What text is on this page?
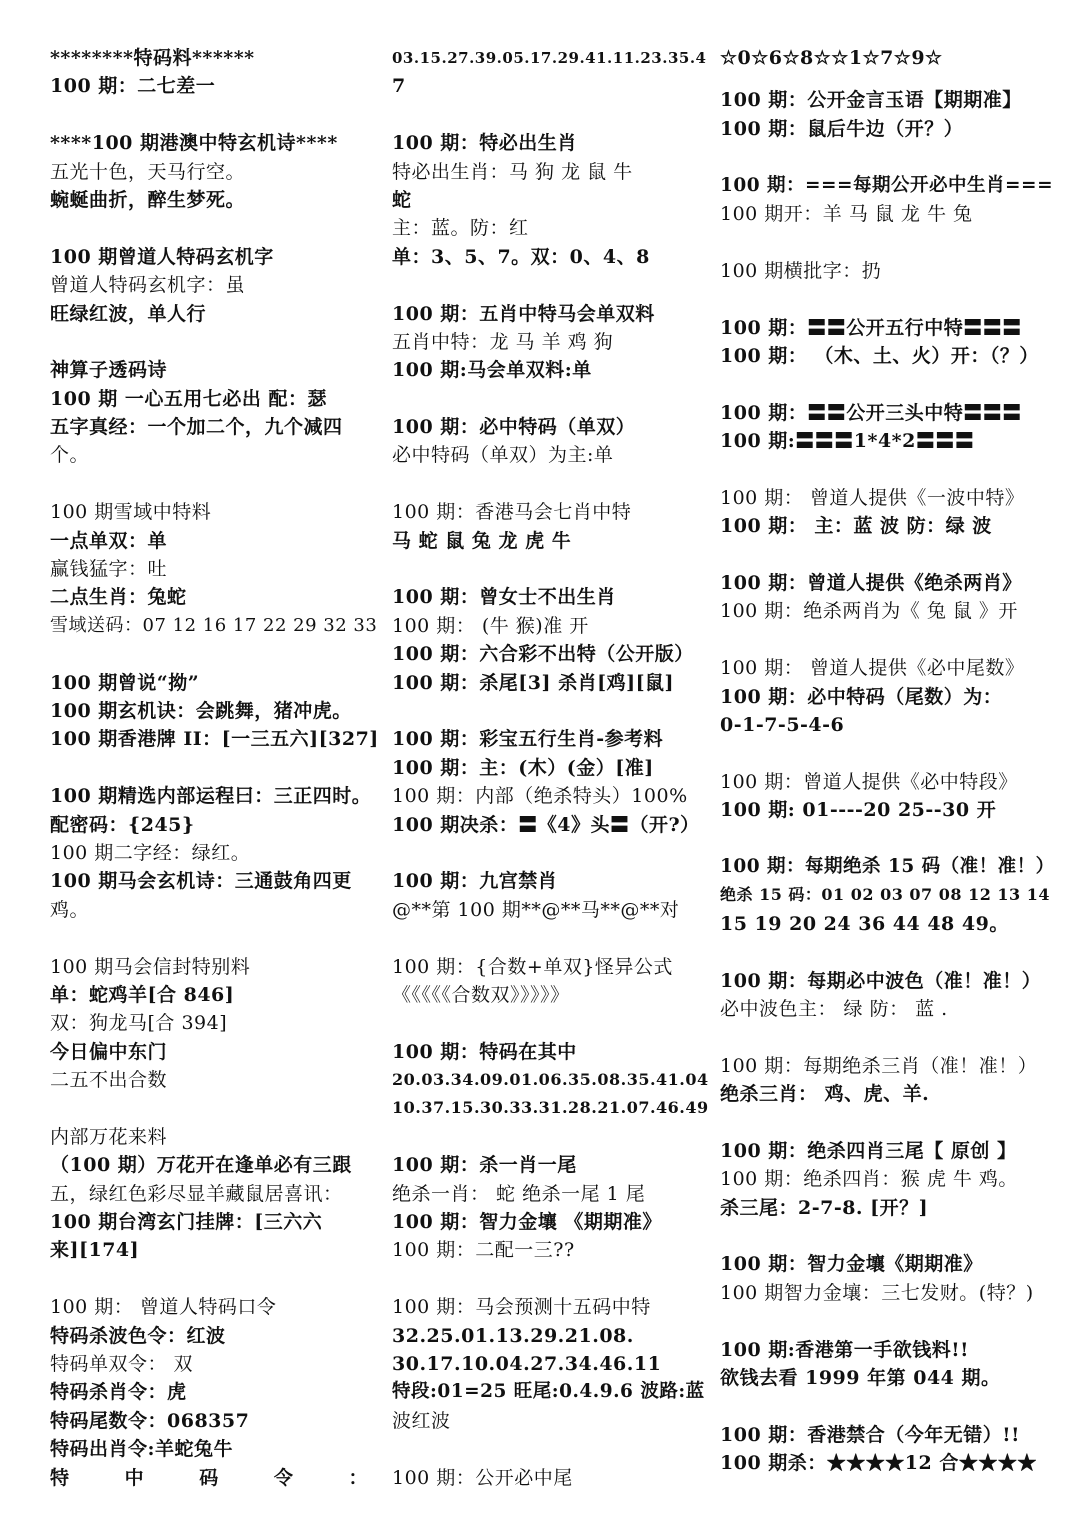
********特码料******
100 期：二七差一
****100 期港澳中特玄机诗****
五光十色，天马行空。
蜿蜒曲折，醉生梦死。
100 期曾道人特码玄机字
曾道人特码玄机字：虽
旺绿红波，单人行
神算子透码诗
100 期 一心五用七必出 配：瑟
五字真经：一个加二个，九个减四
个。
100 期雪域中特料
一点单双：单
赢钱猛字：吐
二点生肖：兔蛇
雪域送码：07 12 16 17 22 29 32 33
100 期曾说“拗”
100 期玄机诀：会跳舞，猪冲虎。
100 期香港牌 II：[一三五六][327]
100 期精选内部运程曰：三正四时。
配密码：{245}
100 期二字经：绿红。
100 期马会玄机诗：三通鼓角四更
鸡。
100 期马会信封特别料
单：蛇鸡羊[合 846]
双：狗龙马[合 394]
今日偏中东门
二五不出合数
内部万花来料
（100 期）万花开在逢单必有三跟
五，绿红色彩尽显羊藏鼠居喜讯：
100 期台湾玄门挂牌：[三六六
来][174]
100 期： 曾道人特码口令
特码杀波色令：红波
特码单双令： 双
特码杀肖令：虎
特码尾数令：068357
特码出肖令:羊蛇兔牛
特	中	码	令	：
03.15.27.39.05.17.29.41.11.23.35.4
7
100 期：特必出生肖
特必出生肖：马 狗 龙 鼠 牛
蛇
主：蓝。防：红
单：3、5、7。双：0、4、8
100 期：五肖中特马会单双料
五肖中特：龙 马 羊 鸡 狗
100 期:马会单双料:单
100 期：必中特码（单双）
必中特码（单双）为主:单
100 期：香港马会七肖中特
马 蛇 鼠 兔 龙 虎 牛
100 期：曾女士不出生肖
100 期： (牛 猴)准 开
100 期：六合彩不出特（公开版）
100 期：杀尾[3] 杀肖[鸡][鼠]
100 期：彩宝五行生肖-参考料
100 期：主：(木）(金）[准]
100 期：内部（绝杀特头）100%
100 期决杀：〓《4》头〓（开?）
100 期：九宫禁肖
@**第 100 期**@**马**@**对
100 期：{合数+单双}怪异公式
《《《《《合数双》》》》》
100 期：特码在其中
20.03.34.09.01.06.35.08.35.41.04
10.37.15.30.33.31.28.21.07.46.49
100 期：杀一肖一尾
绝杀一肖： 蛇 绝杀一尾 1 尾
100 期：智力金壤 《期期准》
100 期：二配一三??
100 期：马会预测十五码中特
32.25.01.13.29.21.08.
30.17.10.04.27.34.46.11
特段:01=25 旺尾:0.4.9.6 波路:蓝
波红波
100 期：公开必中尾
☆0☆6☆8☆☆1☆7☆9☆
100 期：公开金言玉语【期期准】
100 期：鼠后牛边（开？）
100 期：===每期公开必中生肖===
100 期开：羊 马 鼠 龙 牛 兔
100 期横批字：扔
100 期：〓〓公开五行中特〓〓〓
100 期： （木、土、火）开：（？）
100 期：〓〓公开三头中特〓〓〓
100 期:〓〓〓1*4*2〓〓〓
100 期： 曾道人提供《一波中特》
100 期： 主：蓝 波 防：绿 波
100 期：曾道人提供《绝杀两肖》
100 期：绝杀两肖为《 兔 鼠 》开
100 期： 曾道人提供《必中尾数》
100 期：必中特码（尾数）为：
0-1-7-5-4-6
100 期：曾道人提供《必中特段》
100 期: 01----20 25--30 开
100 期：每期绝杀 15 码（准！准！）
绝杀 15 码：01 02 03 07 08 12 13 14
15 19 20 24 36 44 48 49。
100 期：每期必中波色（准！准！）
必中波色主： 绿 防： 蓝 .
100 期：每期绝杀三肖（准！准！）
绝杀三肖： 鸡、虎、羊.
100 期：绝杀四肖三尾【 原创 】
100 期：绝杀四肖：猴 虎 牛 鸡。
杀三尾：2-7-8. [开？]
100 期：智力金壤《期期准》
100 期智力金壤：三七发财。(特？)
100 期:香港第一手欲钱料!!
欲钱去看 1999 年第 044 期。
100 期：香港禁合（今年无错）!!
100 期杀：★★★★12 合★★★★
